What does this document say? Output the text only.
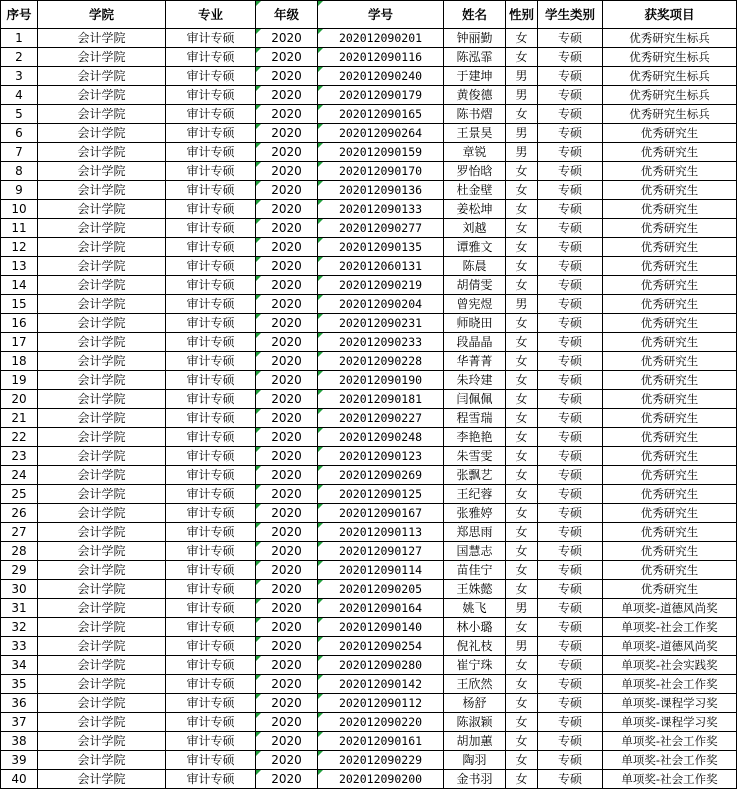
序号	学院	专业	年级	学号	姓名	性别	学生类别	获奖项目
1	会计学院	审计专硕	2020	202012090201	钟丽勤	女	专硕	优秀研究生标兵
2	会计学院	审计专硕	2020	202012090116	陈泓霏	女	专硕	优秀研究生标兵
3	会计学院	审计专硕	2020	202012090240	于建坤	男	专硕	优秀研究生标兵
4	会计学院	审计专硕	2020	202012090179	黄俊德	男	专硕	优秀研究生标兵
5	会计学院	审计专硕	2020	202012090165	陈书熠	女	专硕	优秀研究生标兵
6	会计学院	审计专硕	2020	202012090264	王景昊	男	专硕	优秀研究生
7	会计学院	审计专硕	2020	202012090159	章锐	男	专硕	优秀研究生
8	会计学院	审计专硕	2020	202012090170	罗怡晗	女	专硕	优秀研究生
9	会计学院	审计专硕	2020	202012090136	杜金壁	女	专硕	优秀研究生
10	会计学院	审计专硕	2020	202012090133	姜松坤	女	专硕	优秀研究生
11	会计学院	审计专硕	2020	202012090277	刘越	女	专硕	优秀研究生
12	会计学院	审计专硕	2020	202012090135	谭雅文	女	专硕	优秀研究生
13	会计学院	审计专硕	2020	202012060131	陈晨	女	专硕	优秀研究生
14	会计学院	审计专硕	2020	202012090219	胡倩雯	女	专硕	优秀研究生
15	会计学院	审计专硕	2020	202012090204	曾宪煜	男	专硕	优秀研究生
16	会计学院	审计专硕	2020	202012090231	师晓田	女	专硕	优秀研究生
17	会计学院	审计专硕	2020	202012090233	段晶晶	女	专硕	优秀研究生
18	会计学院	审计专硕	2020	202012090228	华菁菁	女	专硕	优秀研究生
19	会计学院	审计专硕	2020	202012090190	朱玲建	女	专硕	优秀研究生
20	会计学院	审计专硕	2020	202012090181	闫佩佩	女	专硕	优秀研究生
21	会计学院	审计专硕	2020	202012090227	程雪瑞	女	专硕	优秀研究生
22	会计学院	审计专硕	2020	202012090248	李艳艳	女	专硕	优秀研究生
23	会计学院	审计专硕	2020	202012090123	朱雪雯	女	专硕	优秀研究生
24	会计学院	审计专硕	2020	202012090269	张飘艺	女	专硕	优秀研究生
25	会计学院	审计专硕	2020	202012090125	王纪蓉	女	专硕	优秀研究生
26	会计学院	审计专硕	2020	202012090167	张雅婷	女	专硕	优秀研究生
27	会计学院	审计专硕	2020	202012090113	郑思雨	女	专硕	优秀研究生
28	会计学院	审计专硕	2020	202012090127	国慧志	女	专硕	优秀研究生
29	会计学院	审计专硕	2020	202012090114	苗佳宁	女	专硕	优秀研究生
30	会计学院	审计专硕	2020	202012090205	王姝懿	女	专硕	优秀研究生
31	会计学院	审计专硕	2020	202012090164	姚飞	男	专硕	单项奖-道德风尚奖
32	会计学院	审计专硕	2020	202012090140	林小璐	女	专硕	单项奖-社会工作奖
33	会计学院	审计专硕	2020	202012090254	倪礼枝	男	专硕	单项奖-道德风尚奖
34	会计学院	审计专硕	2020	202012090280	崔宁珠	女	专硕	单项奖-社会实践奖
35	会计学院	审计专硕	2020	202012090142	王欣然	女	专硕	单项奖-社会工作奖
36	会计学院	审计专硕	2020	202012090112	杨舒	女	专硕	单项奖-课程学习奖
37	会计学院	审计专硕	2020	202012090220	陈淑颖	女	专硕	单项奖-课程学习奖
38	会计学院	审计专硕	2020	202012090161	胡加蕙	女	专硕	单项奖-社会工作奖
39	会计学院	审计专硕	2020	202012090229	陶羽	女	专硕	单项奖-社会工作奖
40	会计学院	审计专硕	2020	202012090200	金书羽	女	专硕	单项奖-社会工作奖
